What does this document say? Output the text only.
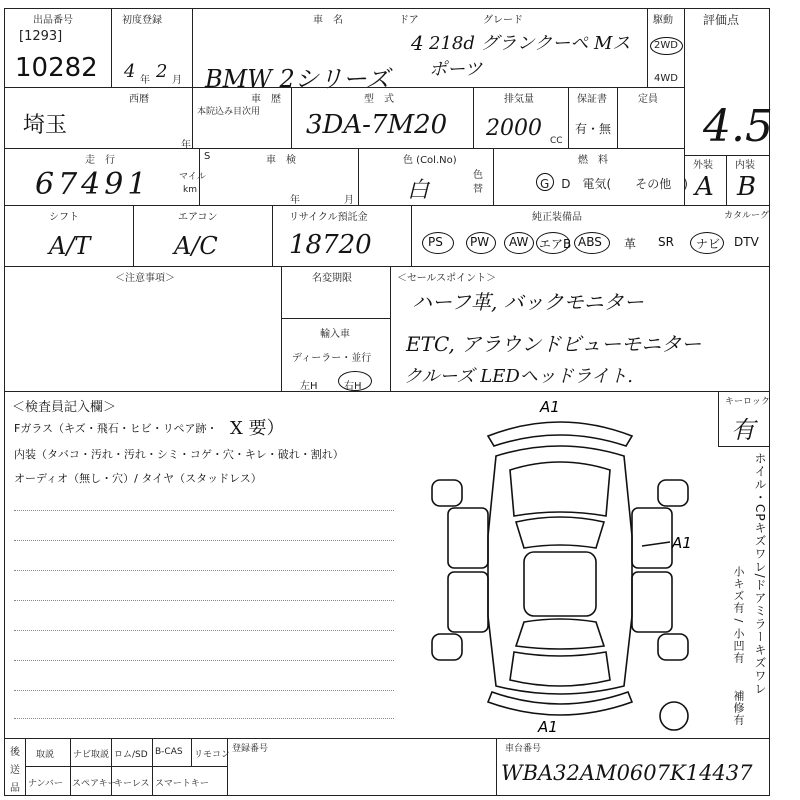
出品番号
[1293]
10282
初度登録
4 年 2 月
車　名	ドア	グレード
BMW 2シリーズ
4 218d グランクーペ Mスポーツ
駆動
2WD
4WD
評価点
4.5
埼玉
西暦
年
車　歴
本院込み目次用
型　式
3DA-7M20
排気量
2000 CC
保証書
有・無
定員
走　行
67491	マイル
km
S	車　検
年	月
色 (Col.No)
白
色替
燃　料
G　D　電気(　　その他　)
外装
A
内装
B
シフト
A/T
エアコン
A/C
リサイクル預託金
18720
純正装備品	カタルーグ
PS PW AW エアB ABS 革 SR ナビ DTV
＜注意事項＞	＜セールスポイント＞
名変期限
輸入車
ディーラー・並行
左H	右H
ハーフ革, バックモニター
ETC, アラウンドビューモニター
クルーズ LEDヘッドライト.
＜検査員記入欄＞
Fガラス（キズ・飛石・ヒビ・リペア跡・ X 要）
内装（タバコ・汚れ・汚れ・シミ・コゲ・穴・キレ・破れ・割れ）
オーディオ（無し・穴）/ タイヤ（スタッドレス）
キーロック
有
ホイル・CPキズワレ/ドアミラーキズワレ
小キズ有 / 小凹有
補修有
A1
A1
A1
後
送
品
取説 ナビ取説 ロム/SD B-CAS リモコン
ナンバー スペアキー
キーレス スマートキー
登録番号	車台番号
WBA32AM0607K14437
